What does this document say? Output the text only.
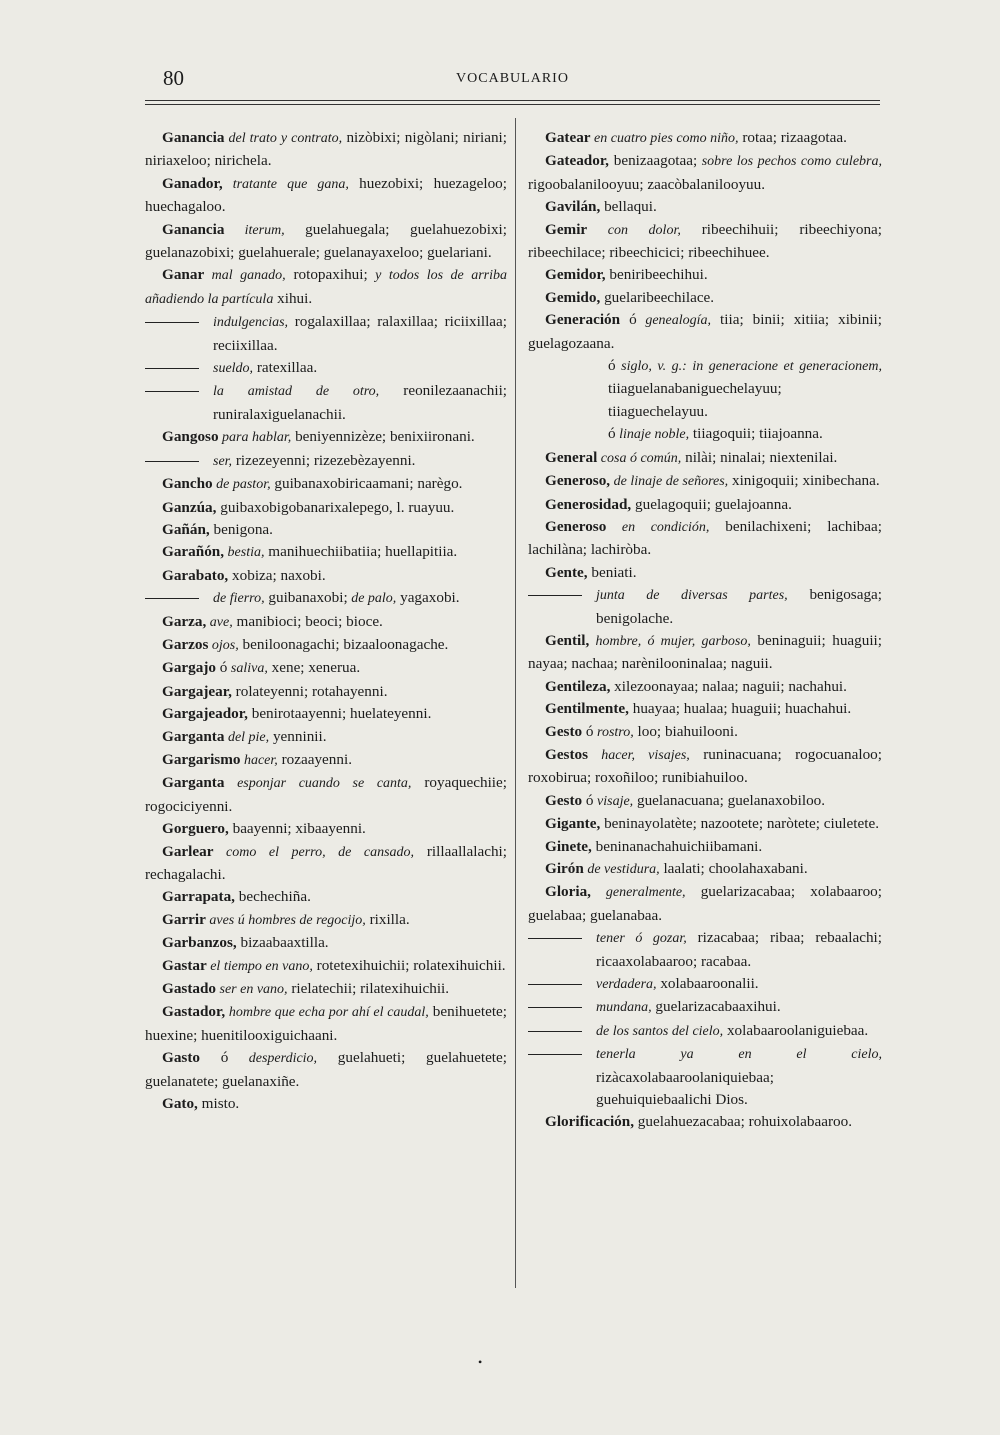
80	VOCABULARIO

Ganancia del trato y contrato, nizòbixi; nigòlani; niriani; niriaxeloo; nirichela.

Ganador, tratante que gana, huezobixi; huezageloo; huechagaloo.

Ganancia iterum, guelahuegala; guelahuezobixi; guelanazobixi; guelahuerale; guelanayaxeloo; guelariani.

Ganar mal ganado, rotopaxihui; y todos los de arriba añadiendo la partícula xihui.

indulgencias, rogalaxillaa; ralaxillaa; riciixillaa; reciixillaa.

sueldo, ratexillaa.

la amistad de otro, reonilezaanachii; runiralaxiguelanachii.

Gangoso para hablar, beniyennizèze; benixiironani.

ser, rizezeyenni; rizezebèzayenni.

Gancho de pastor, guibanaxobiricaamani; narègo.

Ganzúa, guibaxobigobanarixalepego, l. ruayuu.

Gañán, benigona.

Garañón, bestia, manihuechiibatiia; huellapitiia.

Garabato, xobiza; naxobi.

de fierro, guibanaxobi; de palo, yagaxobi.

Garza, ave, manibioci; beoci; bioce.

Garzos ojos, beniloonagachi; bizaaloonagache.

Gargajo ó saliva, xene; xenerua.

Gargajear, rolateyenni; rotahayenni.

Gargajeador, benirotaayenni; huelateyenni.

Garganta del pie, yenninii.

Gargarismo hacer, rozaayenni.

Garganta esponjar cuando se canta, royaquechiie; rogociciyenni.

Gorguero, baayenni; xibaayenni.

Garlear como el perro, de cansado, rillaallalachi; rechagalachi.

Garrapata, bechechiña.

Garrir aves ú hombres de regocijo, rixilla.

Garbanzos, bizaabaaxtilla.

Gastar el tiempo en vano, rotetexihuichii; rolatexihuichii.

Gastado ser en vano, rielatechii; rilatexihuichii.

Gastador, hombre que echa por ahí el caudal, benihuetete; huexine; huenitilooxiguichaani.

Gasto ó desperdicio, guelahueti; guelahuetete; guelanatete; guelanaxiñe.

Gato, misto.

Gatear en cuatro pies como niño, rotaa; rizaagotaa.

Gateador, benizaagotaa; sobre los pechos como culebra, rigoobalanilooyuu; zaacòbalanilooyuu.

Gavilán, bellaqui.

Gemir con dolor, ribeechihuii; ribeechiyona; ribeechilace; ribeechicici; ribeechihuee.

Gemidor, beniribeechihui.

Gemido, guelaribeechilace.

Generación ó genealogía, tiia; binii; xitiia; xibinii; guelagozaana.

ó siglo, v. g.: in generacione et generacionem, tiiaguelanabaniguechelayuu; tiiaguechelayuu.

ó linaje noble, tiiagoquii; tiiajoanna.

General cosa ó común, nilài; ninalai; niextenilai.

Generoso, de linaje de señores, xinigoquii; xinibechana.

Generosidad, guelagoquii; guelajoanna.

Generoso en condición, benilachixeni; lachibaa; lachilàna; lachiròba.

Gente, beniati.

junta de diversas partes, benigosaga; benigolache.

Gentil, hombre, ó mujer, garboso, beninaguii; huaguii; nayaa; nachaa; narènilooninalaa; naguii.

Gentileza, xilezoonayaa; nalaa; naguii; nachahui.

Gentilmente, huayaa; hualaa; huaguii; huachahui.

Gesto ó rostro, loo; biahuilooni.

Gestos hacer, visajes, runinacuana; rogocuanaloo; roxobirua; roxoñiloo; runibiahuiloo.

Gesto ó visaje, guelanacuana; guelanaxobiloo.

Gigante, beninayolatète; nazootete; naròtete; ciuletete.

Ginete, beninanachahuichiibamani.

Girón de vestidura, laalati; choolahaxabani.

Gloria, generalmente, guelarizacabaa; xolabaaroo; guelabaa; guelanabaa.

tener ó gozar, rizacabaa; ribaa; rebaalachi; ricaaxolabaaroo; racabaa.

verdadera, xolabaaroonalii.

mundana, guelarizacabaaxihui.

de los santos del cielo, xolabaaroolaniguiebaa.

tenerla ya en el cielo, rizàcaxolabaaroolaniquiebaa; guehuiquiebaalichi Dios.

Glorificación, guelahuezacabaa; rohuixolabaaroo.

•
